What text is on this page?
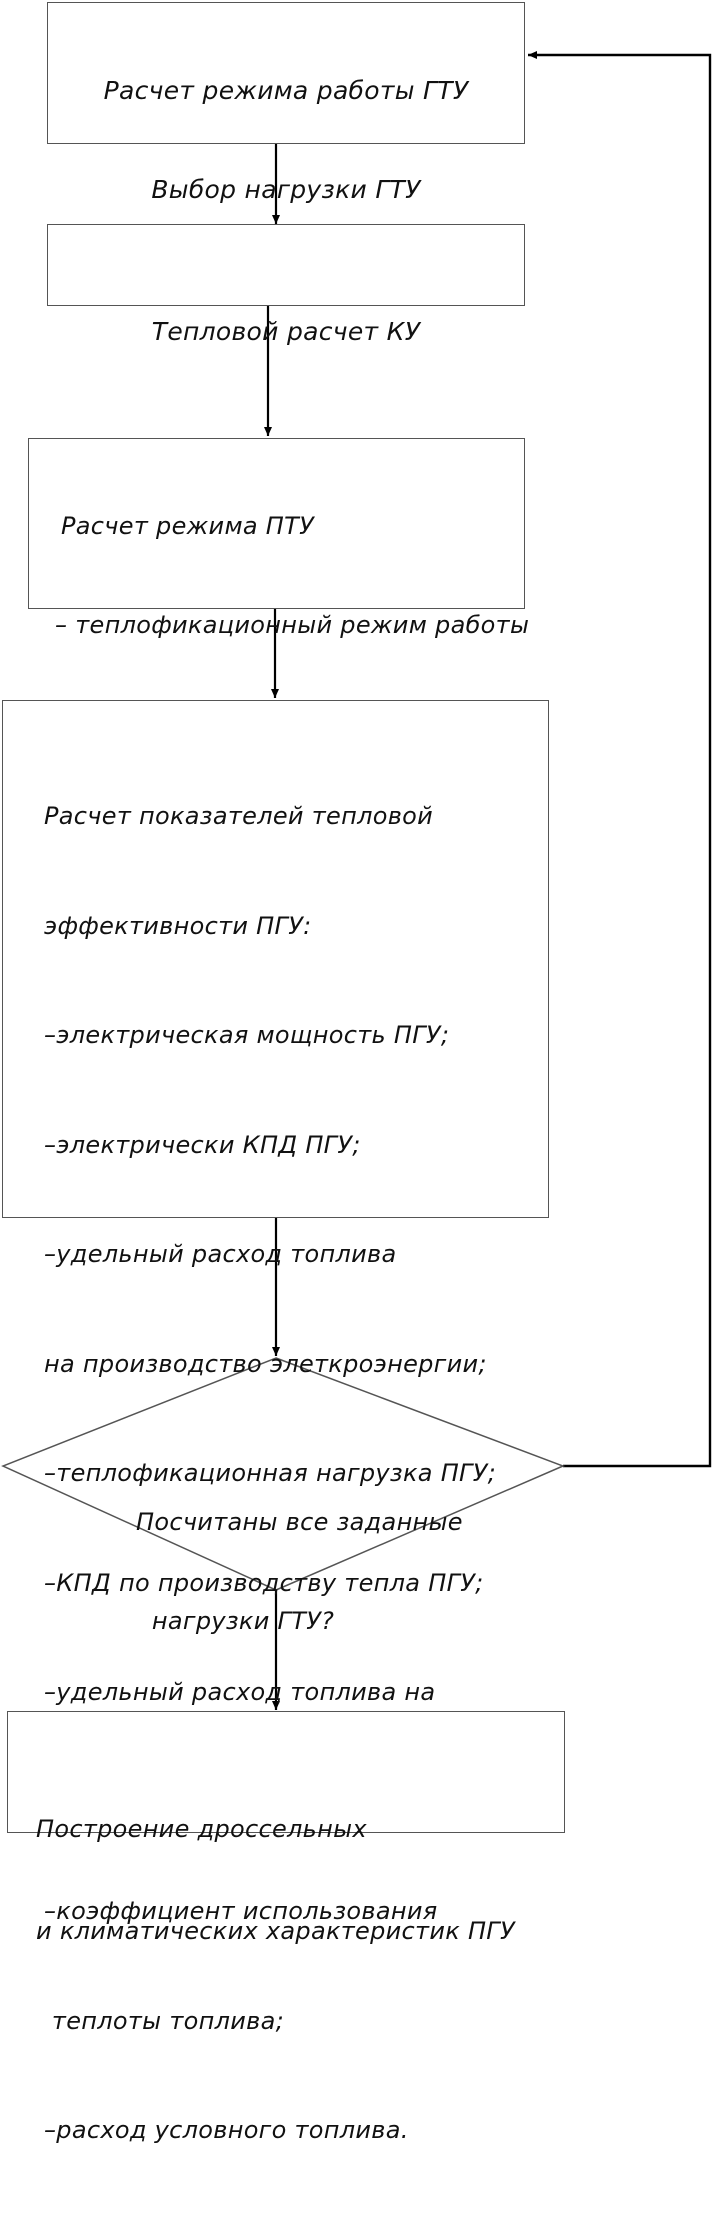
Расчет режима работы ГТУ

Выбор нагрузки ГТУ

Тепловой расчет КУ

Расчет режима ПТУ

– теплофикационный режим работы

Расчет показателей тепловой

эффективности ПГУ:

–электрическая мощность ПГУ;

–электрически КПД ПГУ;

–удельный расход топлива

на производство элеткроэнергии;

–теплофикационная нагрузка ПГУ;

–КПД по производству тепла ПГУ;

–удельный расход топлива на

–коэффициент использования

теплоты топлива;

–расход условного топлива.

Посчитаны все заданные

нагрузки ГТУ?

Построение дроссельных

и климатических характеристик ПГУ
